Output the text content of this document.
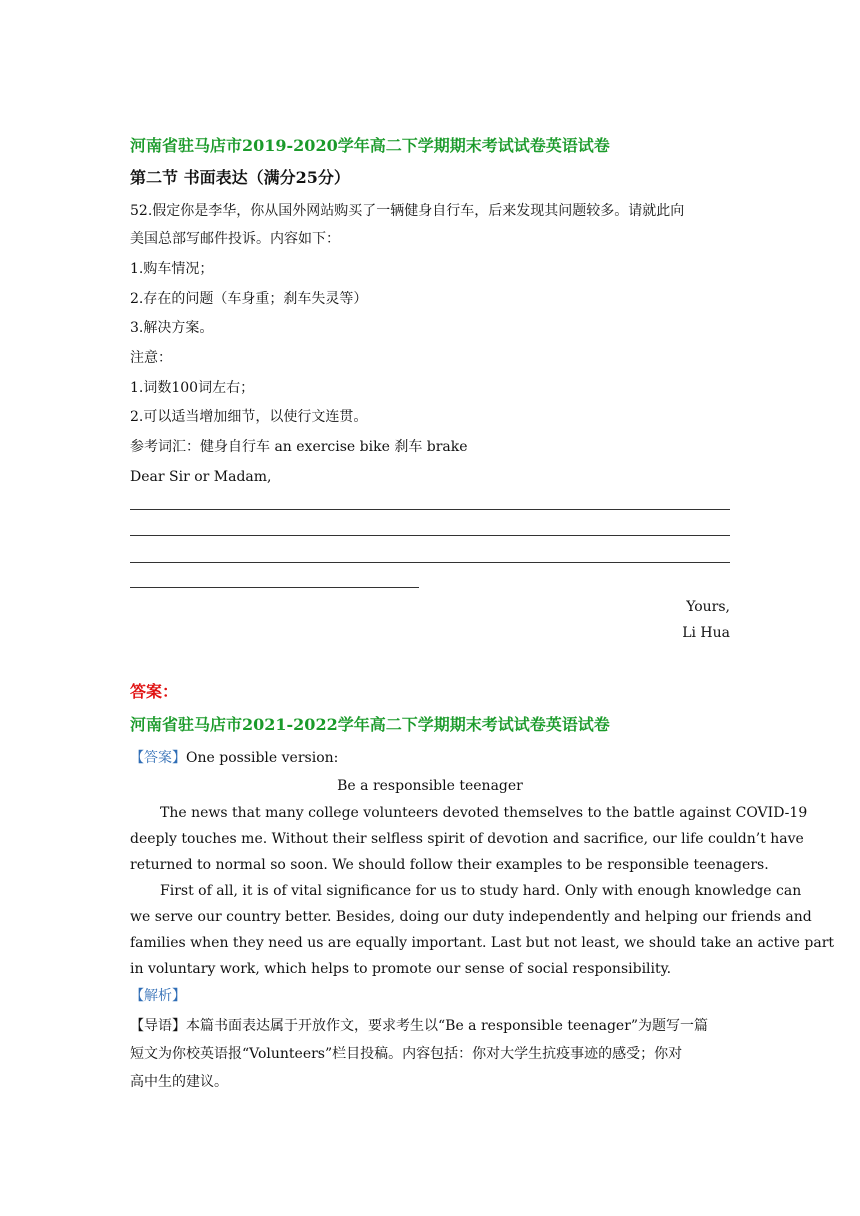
河南省驻马店市2019-2020学年高二下学期期末考试试卷英语试卷
第二节 书面表达（满分25分）
52.假定你是李华，你从国外网站购买了一辆健身自行车，后来发现其问题较多。请就此向
美国总部写邮件投诉。内容如下：
1.购车情况；
2.存在的问题（车身重；刹车失灵等）
3.解决方案。
注意：
1.词数100词左右；
2.可以适当增加细节，以使行文连贯。
参考词汇：健身自行车 an exercise bike 刹车 brake
Dear Sir or Madam,
Yours,
Li Hua
答案：
河南省驻马店市2021-2022学年高二下学期期末考试试卷英语试卷
【答案】One possible version:
Be a responsible teenager
The news that many college volunteers devoted themselves to the battle against COVID-19
deeply touches me. Without their selfless spirit of devotion and sacrifice, our life couldn’t have
returned to normal so soon. We should follow their examples to be responsible teenagers.
First of all, it is of vital significance for us to study hard. Only with enough knowledge can
we serve our country better. Besides, doing our duty independently and helping our friends and
families when they need us are equally important. Last but not least, we should take an active part
in voluntary work, which helps to promote our sense of social responsibility.
【解析】
【导语】本篇书面表达属于开放作文，要求考生以“Be a responsible teenager”为题写一篇
短文为你校英语报“Volunteers”栏目投稿。内容包括：你对大学生抗疫事迹的感受；你对
高中生的建议。
